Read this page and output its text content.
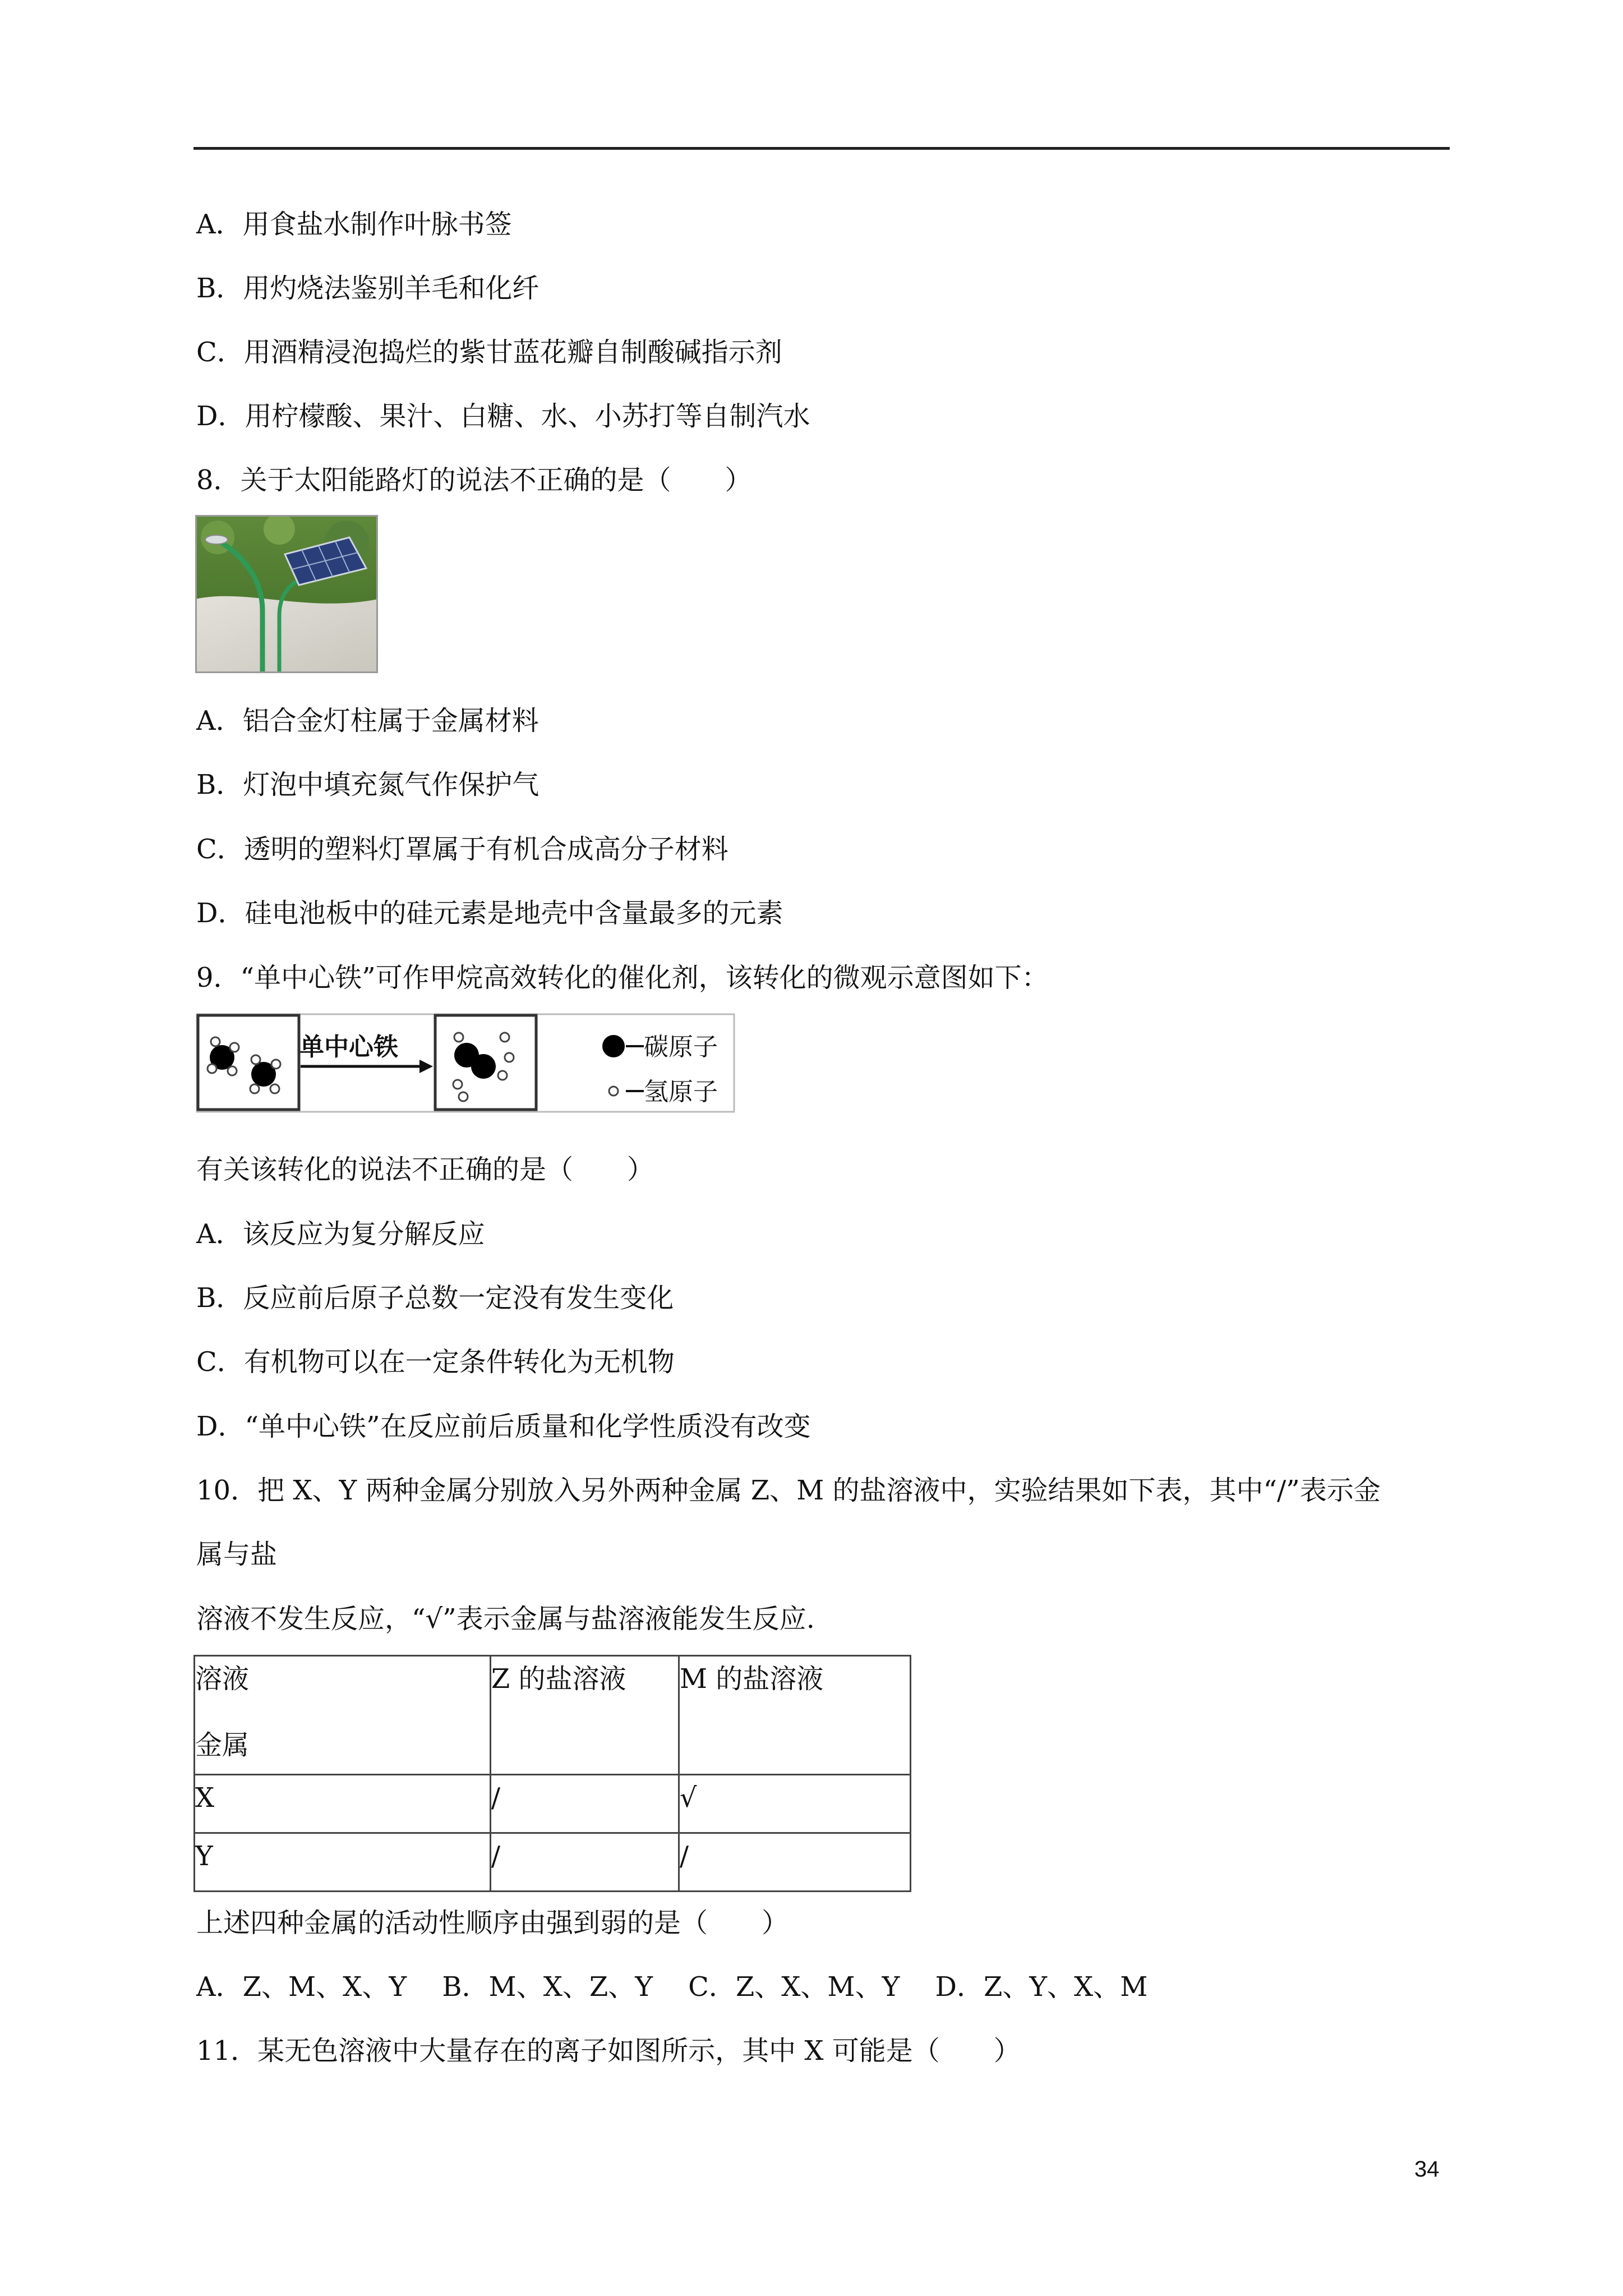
A．用食盐水制作叶脉书签
B．用灼烧法鉴别羊毛和化纤
C．用酒精浸泡捣烂的紫甘蓝花瓣自制酸碱指示剂
D．用柠檬酸、果汁、白糖、水、小苏打等自制汽水
8．关于太阳能路灯的说法不正确的是（　　）
A．铝合金灯柱属于金属材料
B．灯泡中填充氮气作保护气
C．透明的塑料灯罩属于有机合成高分子材料
D．硅电池板中的硅元素是地壳中含量最多的元素
9．“单中心铁”可作甲烷高效转化的催化剂，该转化的微观示意图如下：
单中心铁	碳原子
氢原子
有关该转化的说法不正确的是（　　）
A．该反应为复分解反应
B．反应前后原子总数一定没有发生变化
C．有机物可以在一定条件转化为无机物
D．“单中心铁”在反应前后质量和化学性质没有改变
10．把 X、Y 两种金属分别放入另外两种金属 Z、M 的盐溶液中，实验结果如下表，其中“/”表示金
属与盐
溶液不发生反应，“√”表示金属与盐溶液能发生反应.
溶液
金属	Z 的盐溶液	M 的盐溶液
X	/	√
Y	/	/
上述四种金属的活动性顺序由强到弱的是（　　）
A．Z、M、X、Y　 B．M、X、Z、Y　 C．Z、X、M、Y　 D．Z、Y、X、M
11．某无色溶液中大量存在的离子如图所示，其中 X 可能是（　　）
34
